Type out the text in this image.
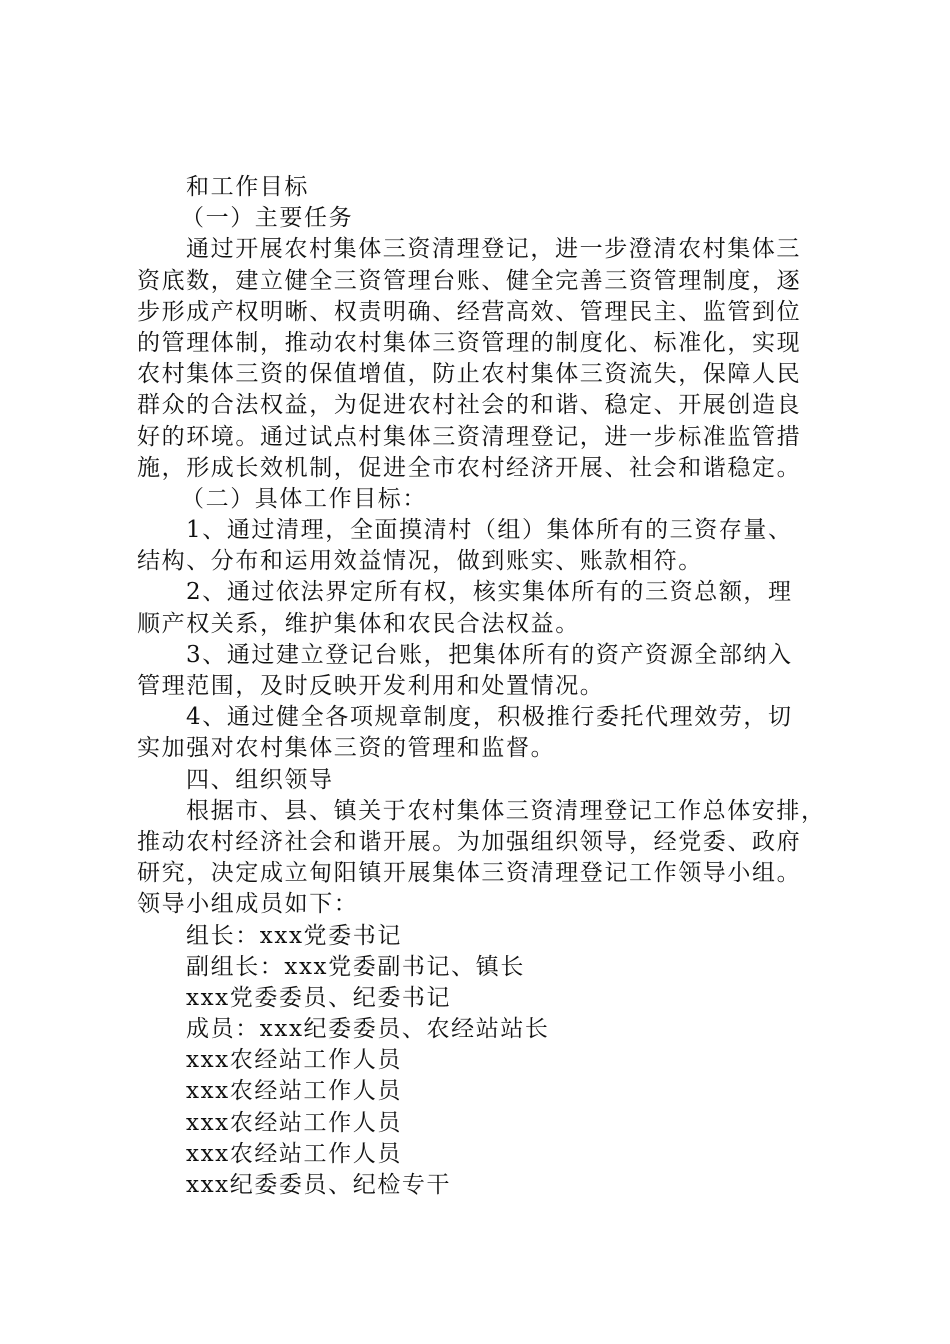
和工作目标
（一）主要任务
通过开展农村集体三资清理登记，进一步澄清农村集体三
资底数，建立健全三资管理台账、健全完善三资管理制度，逐
步形成产权明晰、权责明确、经营高效、管理民主、监管到位
的管理体制，推动农村集体三资管理的制度化、标准化，实现
农村集体三资的保值增值，防止农村集体三资流失，保障人民
群众的合法权益，为促进农村社会的和谐、稳定、开展创造良
好的环境。通过试点村集体三资清理登记，进一步标准监管措
施，形成长效机制，促进全市农村经济开展、社会和谐稳定。
（二）具体工作目标：
1、通过清理，全面摸清村（组）集体所有的三资存量、
结构、分布和运用效益情况，做到账实、账款相符。
2、通过依法界定所有权，核实集体所有的三资总额，理
顺产权关系，维护集体和农民合法权益。
3、通过建立登记台账，把集体所有的资产资源全部纳入
管理范围，及时反映开发利用和处置情况。
4、通过健全各项规章制度，积极推行委托代理效劳，切
实加强对农村集体三资的管理和监督。
四、组织领导
根据市、县、镇关于农村集体三资清理登记工作总体安排，
推动农村经济社会和谐开展。为加强组织领导，经党委、政府
研究，决定成立甸阳镇开展集体三资清理登记工作领导小组。
领导小组成员如下：
组长：xxx党委书记
副组长：xxx党委副书记、镇长
xxx党委委员、纪委书记
成员：xxx纪委委员、农经站站长
xxx农经站工作人员
xxx农经站工作人员
xxx农经站工作人员
xxx农经站工作人员
xxx纪委委员、纪检专干
